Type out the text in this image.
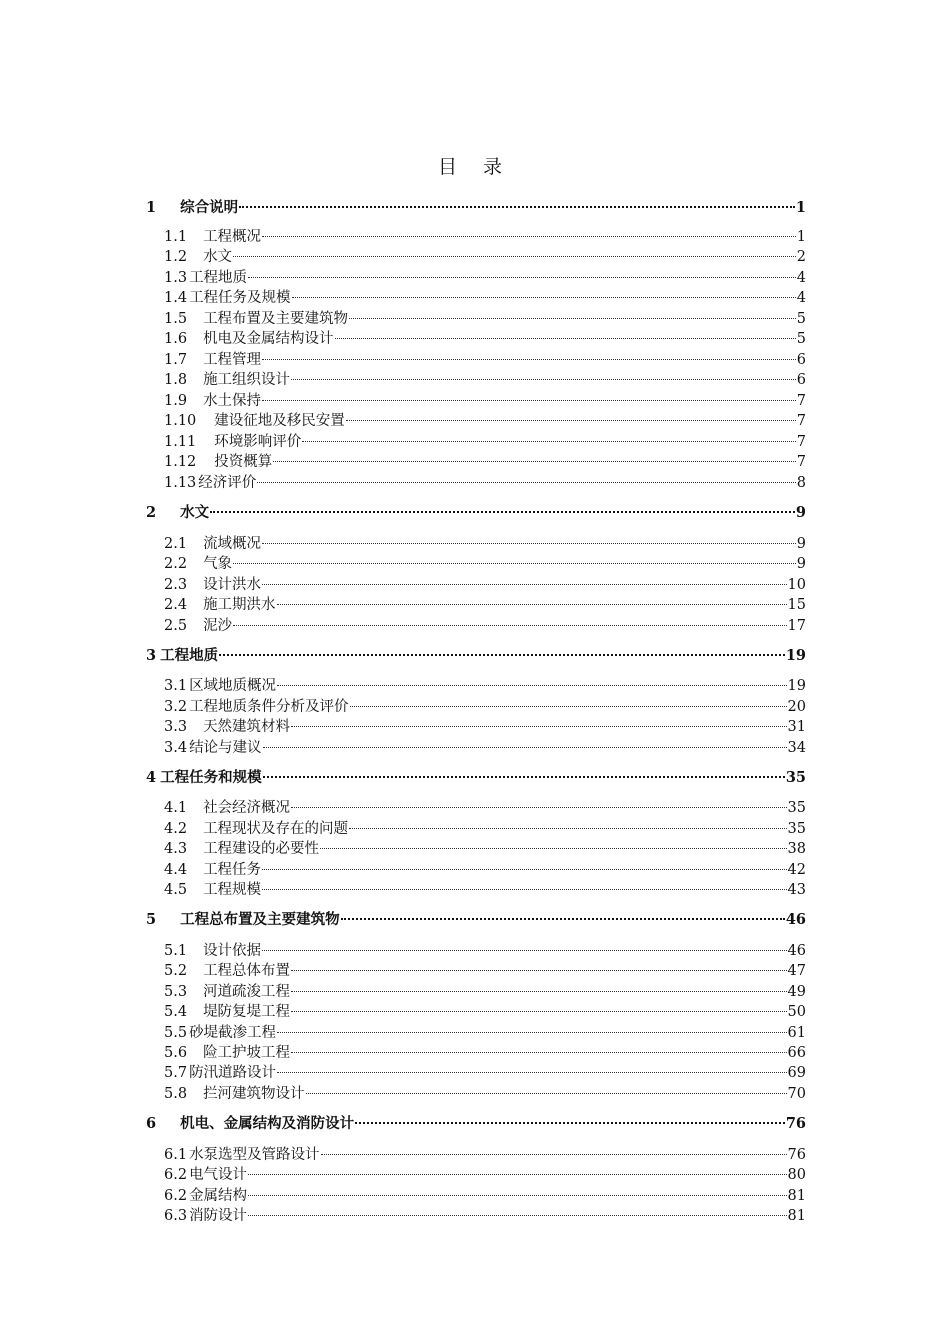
目 录
1 综合说明	1
1.1 工程概况	1
1.2 水文	2
1.3 工程地质	4
1.4 工程任务及规模	4
1.5 工程布置及主要建筑物	5
1.6 机电及金属结构设计	5
1.7 工程管理	6
1.8 施工组织设计	6
1.9 水土保持	7
1.10 建设征地及移民安置	7
1.11 环境影响评价	7
1.12 投资概算	7
1.13 经济评价	8
2 水文	9
2.1 流域概况	9
2.2 气象	9
2.3 设计洪水	10
2.4 施工期洪水	15
2.5 泥沙	17
3 工程地质	19
3.1 区域地质概况	19
3.2 工程地质条件分析及评价	20
3.3 天然建筑材料	31
3.4 结论与建议	34
4 工程任务和规模	35
4.1 社会经济概况	35
4.2 工程现状及存在的问题	35
4.3 工程建设的必要性	38
4.4 工程任务	42
4.5 工程规模	43
5 工程总布置及主要建筑物	46
5.1 设计依据	46
5.2 工程总体布置	47
5.3 河道疏浚工程	49
5.4 堤防复堤工程	50
5.5 砂堤截渗工程	61
5.6 险工护坡工程	66
5.7 防汛道路设计	69
5.8 拦河建筑物设计	70
6 机电、金属结构及消防设计	76
6.1 水泵选型及管路设计	76
6.2 电气设计	80
6.2 金属结构	81
6.3 消防设计	81
